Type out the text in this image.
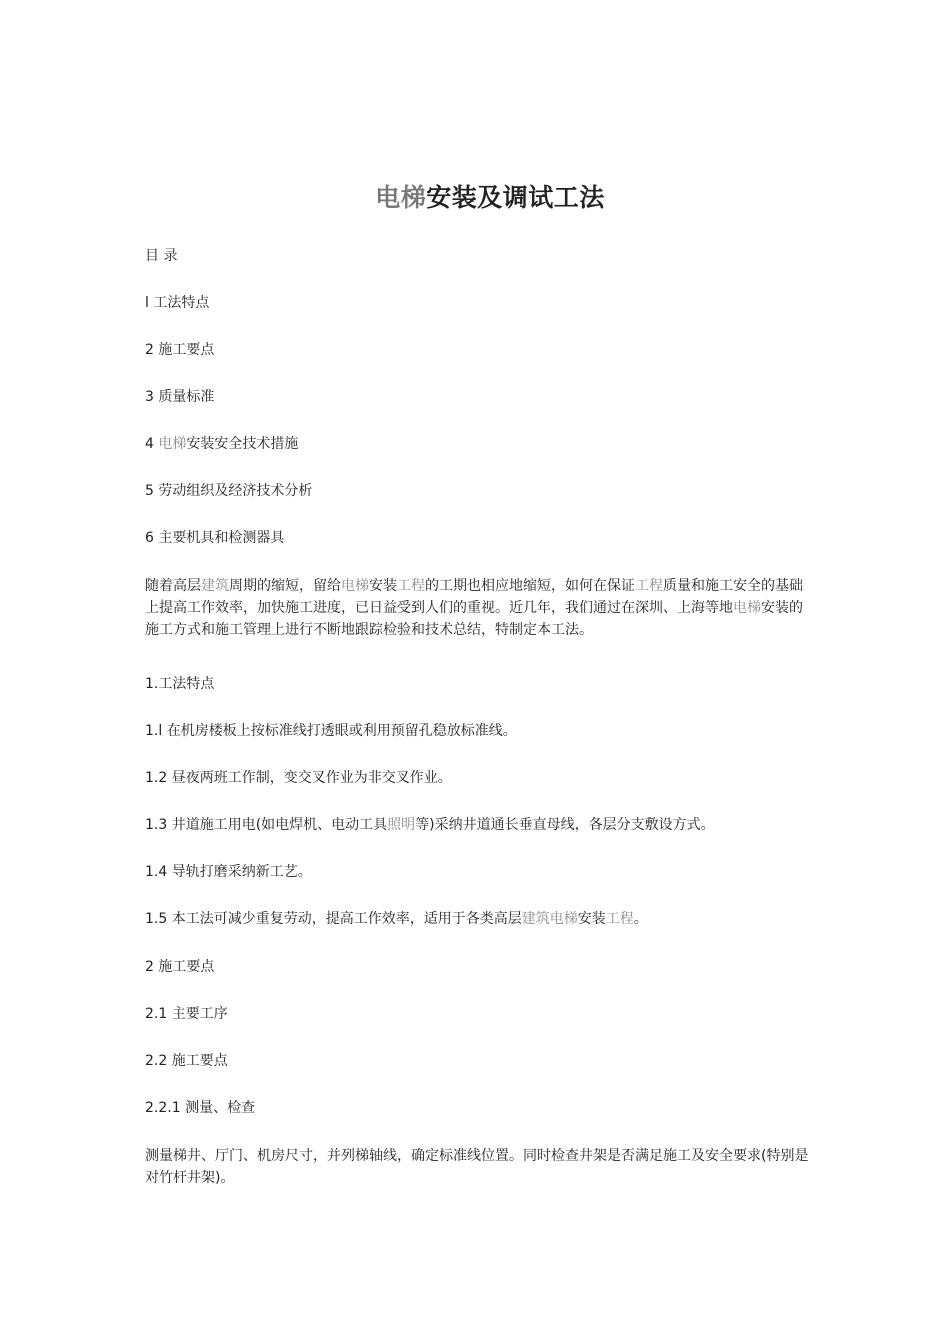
电梯安装及调试工法

目 录

l 工法特点

2 施工要点

3 质量标准

4 电梯安装安全技术措施

5 劳动组织及经济技术分析

6 主要机具和检测器具

随着高层建筑周期的缩短，留给电梯安装工程的工期也相应地缩短，如何在保证工程质量和施工安全的基础上提高工作效率，加快施工进度，已日益受到人们的重视。近几年，我们通过在深圳、上海等地电梯安装的施工方式和施工管理上进行不断地跟踪检验和技术总结，特制定本工法。

1.工法特点

1.l 在机房楼板上按标准线打透眼或利用预留孔稳放标准线。

1.2 昼夜两班工作制，变交叉作业为非交叉作业。

1.3 井道施工用电(如电焊机、电动工具照明等)采纳井道通长垂直母线，各层分支敷设方式。

1.4 导轨打磨采纳新工艺。

1.5 本工法可减少重复劳动，提高工作效率，适用于各类高层建筑电梯安装工程。

2 施工要点

2.1 主要工序

2.2 施工要点

2.2.1 测量、检查

测量梯井、厅门、机房尺寸，并列梯轴线，确定标准线位置。同时检查井架是否满足施工及安全要求(特别是对竹杆井架)。
